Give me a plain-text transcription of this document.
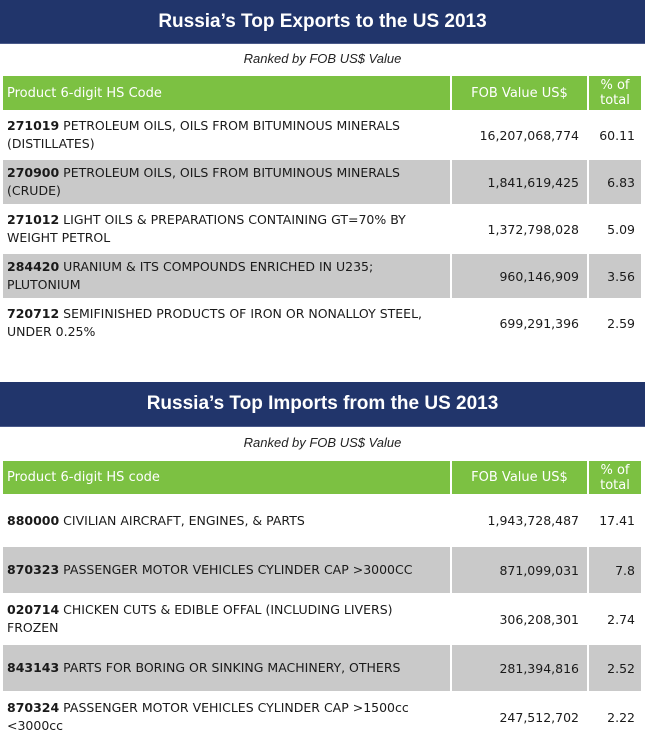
Russia’s Top Exports to the US 2013
Ranked by FOB US$ Value
Product 6-digit HS Code	FOB Value US$	% of total
271019 PETROLEUM OILS, OILS FROM BITUMINOUS MINERALS (DISTILLATES)	16,207,068,774	60.11
270900 PETROLEUM OILS, OILS FROM BITUMINOUS MINERALS (CRUDE)	1,841,619,425	6.83
271012 LIGHT OILS & PREPARATIONS CONTAINING GT=70% BY WEIGHT PETROL	1,372,798,028	5.09
284420 URANIUM & ITS COMPOUNDS ENRICHED IN U235; PLUTONIUM	960,146,909	3.56
720712 SEMIFINISHED PRODUCTS OF IRON OR NONALLOY STEEL, UNDER 0.25%	699,291,396	2.59
Russia’s Top Imports from the US 2013
Ranked by FOB US$ Value
Product 6-digit HS code	FOB Value US$	% of total
880000 CIVILIAN AIRCRAFT, ENGINES, & PARTS	1,943,728,487	17.41
870323 PASSENGER MOTOR VEHICLES CYLINDER CAP >3000CC	871,099,031	7.8
020714 CHICKEN CUTS & EDIBLE OFFAL (INCLUDING LIVERS) FROZEN	306,208,301	2.74
843143 PARTS FOR BORING OR SINKING MACHINERY, OTHERS	281,394,816	2.52
870324 PASSENGER MOTOR VEHICLES CYLINDER CAP >1500cc <3000cc	247,512,702	2.22
